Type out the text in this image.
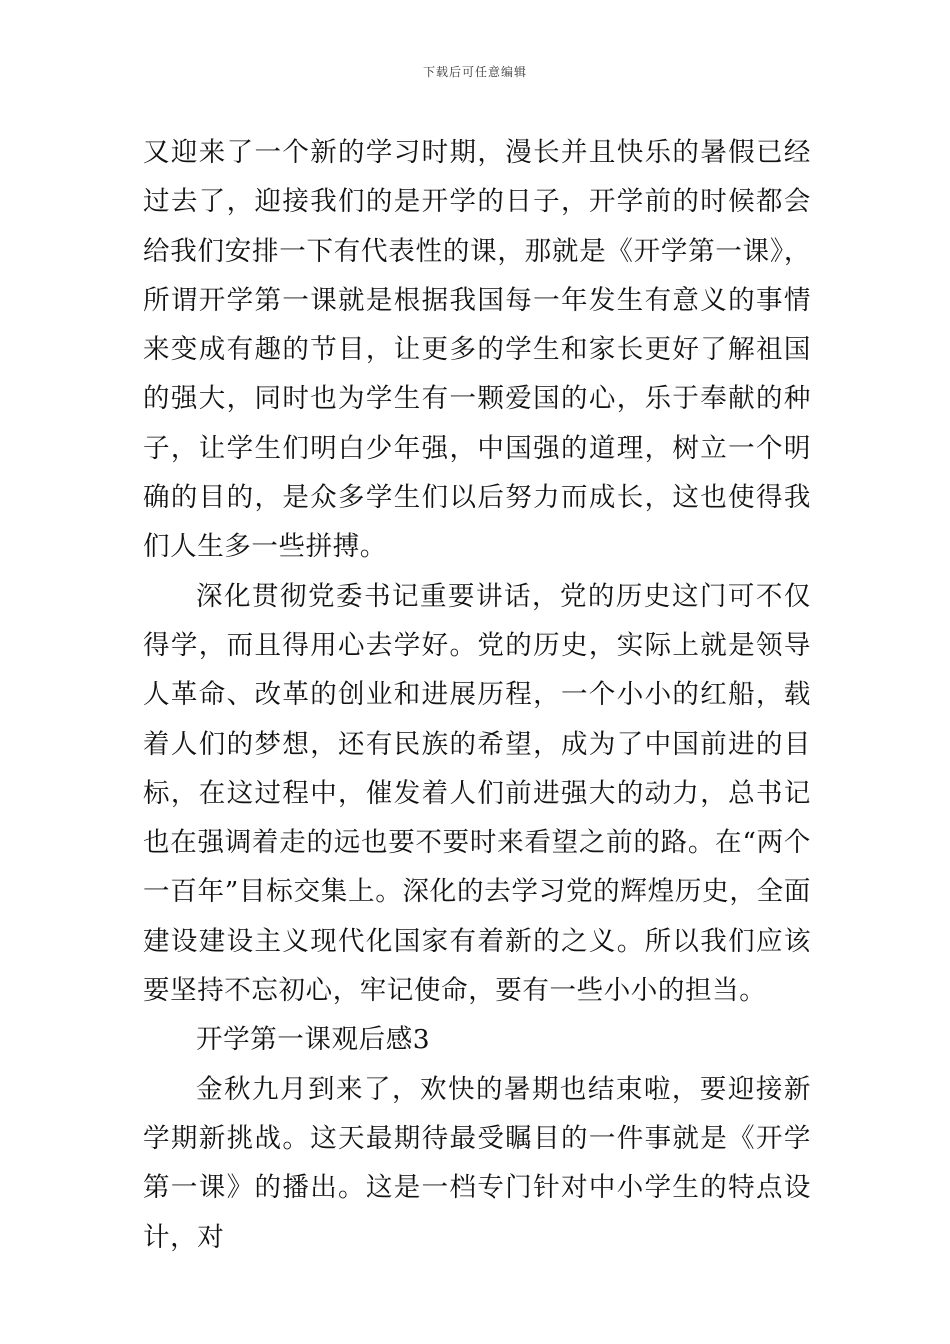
下载后可任意编辑

又迎来了一个新的学习时期，漫长并且快乐的暑假已经过去了，迎接我们的是开学的日子，开学前的时候都会给我们安排一下有代表性的课，那就是《开学第一课》，所谓开学第一课就是根据我国每一年发生有意义的事情来变成有趣的节目，让更多的学生和家长更好了解祖国的强大，同时也为学生有一颗爱国的心，乐于奉献的种子，让学生们明白少年强，中国强的道理，树立一个明确的目的，是众多学生们以后努力而成长，这也使得我们人生多一些拼搏。

深化贯彻党委书记重要讲话，党的历史这门可不仅得学，而且得用心去学好。党的历史，实际上就是领导人革命、改革的创业和进展历程，一个小小的红船，载着人们的梦想，还有民族的希望，成为了中国前进的目标，在这过程中，催发着人们前进强大的动力，总书记也在强调着走的远也要不要时来看望之前的路。在“两个一百年”目标交集上。深化的去学习党的辉煌历史，全面建设建设主义现代化国家有着新的之义。所以我们应该要坚持不忘初心，牢记使命，要有一些小小的担当。

开学第一课观后感3

金秋九月到来了，欢快的暑期也结束啦，要迎接新学期新挑战。这天最期待最受瞩目的一件事就是《开学第一课》的播出。这是一档专门针对中小学生的特点设计，对
